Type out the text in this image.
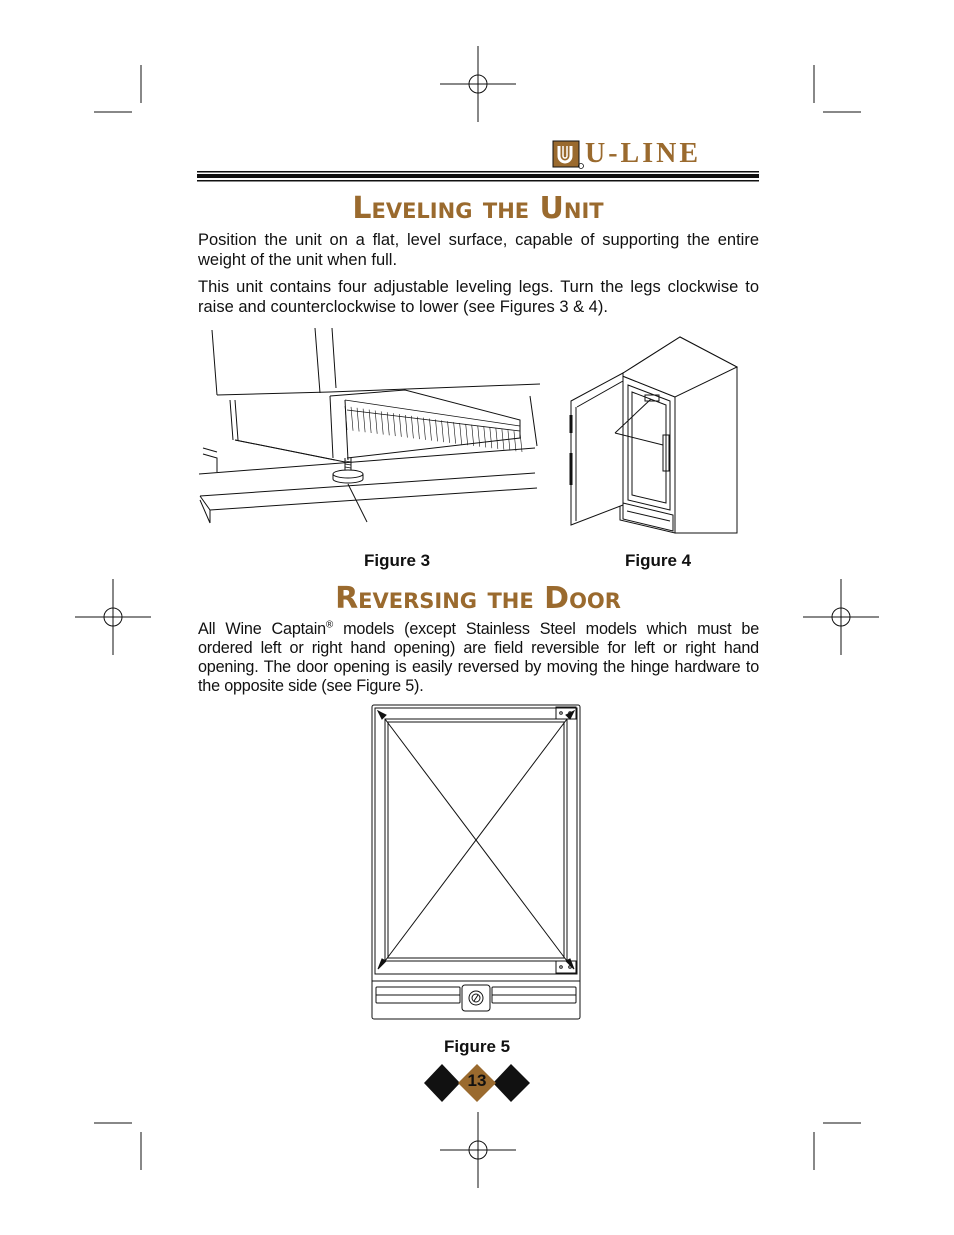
U-LINE
Leveling the Unit

Position the unit on a flat, level surface, capable of supporting the entire weight of the unit when full.

This unit contains four adjustable leveling legs. Turn the legs clockwise to raise and counterclockwise to lower (see Figures 3 & 4).

Figure 3	Figure 4
Reversing the Door

All Wine Captain® models (except Stainless Steel models which must be ordered left or right hand opening) are field reversible for left or right hand opening. The door opening is easily reversed by moving the hinge hardware to the opposite side (see Figure 5).

Figure 5
13
